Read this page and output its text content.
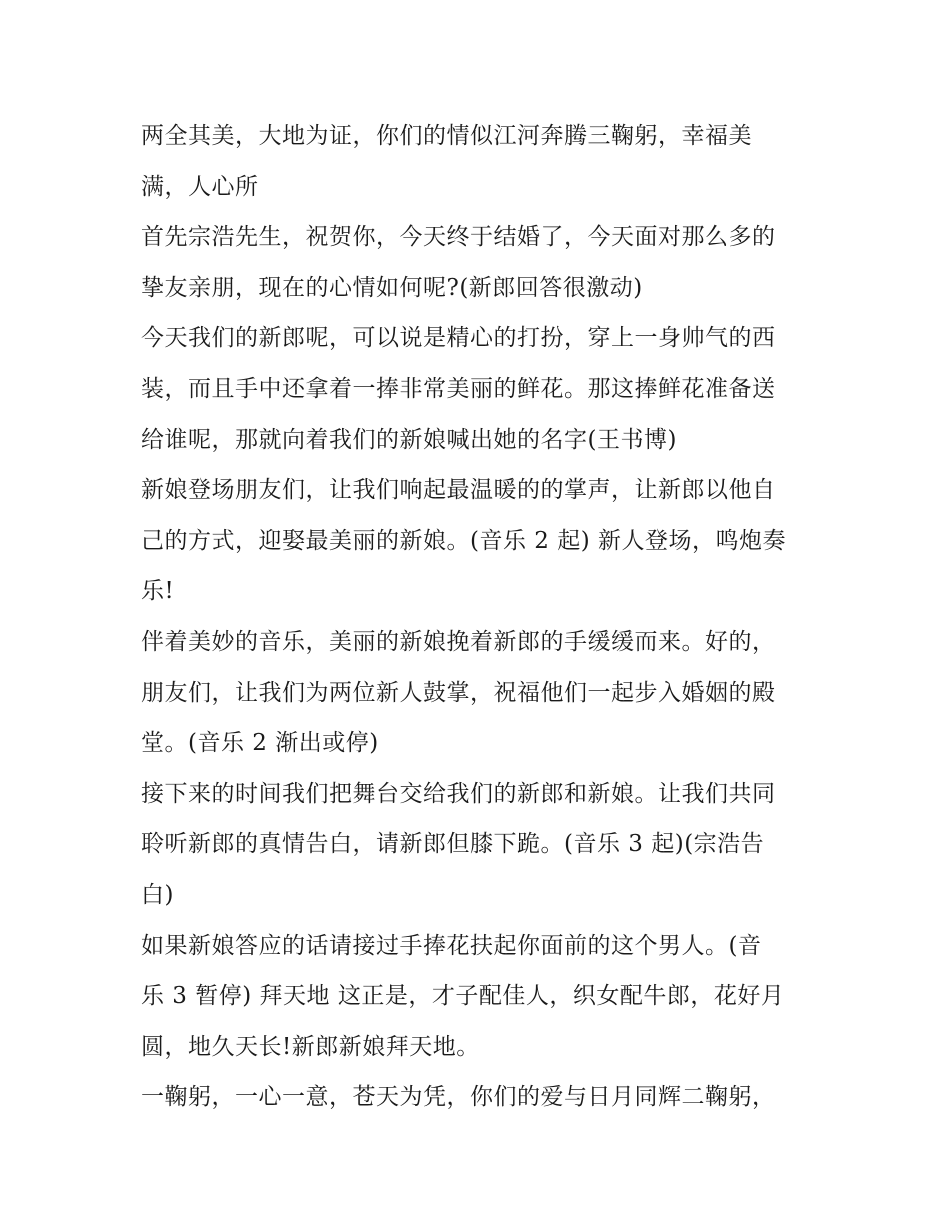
两全其美，大地为证，你们的情似江河奔腾三鞠躬，幸福美
满，人心所
首先宗浩先生，祝贺你，今天终于结婚了，今天面对那么多的
挚友亲朋，现在的心情如何呢?(新郎回答很激动)
今天我们的新郎呢，可以说是精心的打扮，穿上一身帅气的西
装，而且手中还拿着一捧非常美丽的鲜花。那这捧鲜花准备送
给谁呢，那就向着我们的新娘喊出她的名字(王书博)
新娘登场朋友们，让我们响起最温暖的的掌声，让新郎以他自
己的方式，迎娶最美丽的新娘。(音乐 2 起) 新人登场，鸣炮奏
乐!
伴着美妙的音乐，美丽的新娘挽着新郎的手缓缓而来。好的，
朋友们，让我们为两位新人鼓掌，祝福他们一起步入婚姻的殿
堂。(音乐 2 渐出或停)
接下来的时间我们把舞台交给我们的新郎和新娘。让我们共同
聆听新郎的真情告白，请新郎但膝下跪。(音乐 3 起)(宗浩告
白)
如果新娘答应的话请接过手捧花扶起你面前的这个男人。(音
乐 3 暂停) 拜天地 这正是，才子配佳人，织女配牛郎，花好月
圆，地久天长!新郎新娘拜天地。
一鞠躬，一心一意，苍天为凭，你们的爱与日月同辉二鞠躬，
